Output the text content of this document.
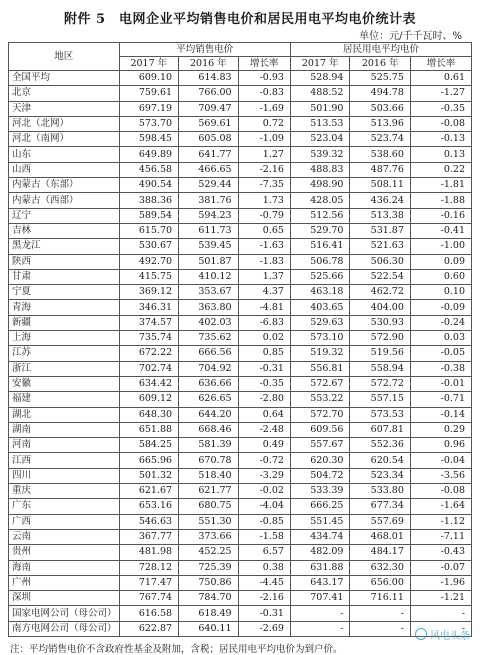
附件 5　电网企业平均销售电价和居民用电平均电价统计表
单位：元/千千瓦时、%
地区	平均销售电价			居民用电平均电价		
	2017 年	2016 年	增长率	2017 年	2016 年	增长率
全国平均	609.10	614.83	-0.93	528.94	525.75	0.61
北京	759.61	766.00	-0.83	488.52	494.78	-1.27
天津	697.19	709.47	-1.69	501.90	503.66	-0.35
河北（北网）	573.70	569.61	0.72	513.53	513.96	-0.08
河北（南网）	598.45	605.08	-1.09	523.04	523.74	-0.13
山东	649.89	641.77	1.27	539.32	538.60	0.13
山西	456.58	466.65	-2.16	488.83	487.76	0.22
内蒙古（东部）	490.54	529.44	-7.35	498.90	508.11	-1.81
内蒙古（西部）	388.36	381.76	1.73	428.05	436.24	-1.88
辽宁	589.54	594.23	-0.79	512.56	513.38	-0.16
吉林	615.70	611.73	0.65	529.70	531.87	-0.41
黑龙江	530.67	539.45	-1.63	516.41	521.63	-1.00
陕西	492.70	501.87	-1.83	506.78	506.30	0.09
甘肃	415.75	410.12	1.37	525.66	522.54	0.60
宁夏	369.12	353.67	4.37	463.18	462.72	0.10
青海	346.31	363.80	-4.81	403.65	404.00	-0.09
新疆	374.57	402.03	-6.83	529.63	530.93	-0.24
上海	735.74	735.62	0.02	573.10	572.90	0.03
江苏	672.22	666.56	0.85	519.32	519.56	-0.05
浙江	702.74	704.92	-0.31	556.81	558.94	-0.38
安徽	634.42	636.66	-0.35	572.67	572.72	-0.01
福建	609.12	626.65	-2.80	553.22	557.15	-0.71
湖北	648.30	644.20	0.64	572.70	573.53	-0.14
湖南	651.88	668.46	-2.48	609.56	607.81	0.29
河南	584.25	581.39	0.49	557.67	552.36	0.96
江西	665.96	670.78	-0.72	620.30	620.54	-0.04
四川	501.32	518.40	-3.29	504.72	523.34	-3.56
重庆	621.67	621.77	-0.02	533.39	533.80	-0.08
广东	653.16	680.75	-4.04	666.25	677.34	-1.64
广西	546.63	551.30	-0.85	551.45	557.69	-1.12
云南	367.77	373.66	-1.58	434.74	468.01	-7.11
贵州	481.98	452.25	6.57	482.09	484.17	-0.43
海南	728.12	725.39	0.38	631.88	632.30	-0.07
广州	717.47	750.86	-4.45	643.17	656.00	-1.96
深圳	767.74	784.70	-2.16	707.41	716.11	-1.21
国家电网公司（母公司）	616.58	618.49	-0.31	-	-	-
南方电网公司（母公司）	622.87	640.11	-2.69	-	-	-
注：平均销售电价不含政府性基金及附加，含税；居民用电平均电价为到户价。
风电头条
